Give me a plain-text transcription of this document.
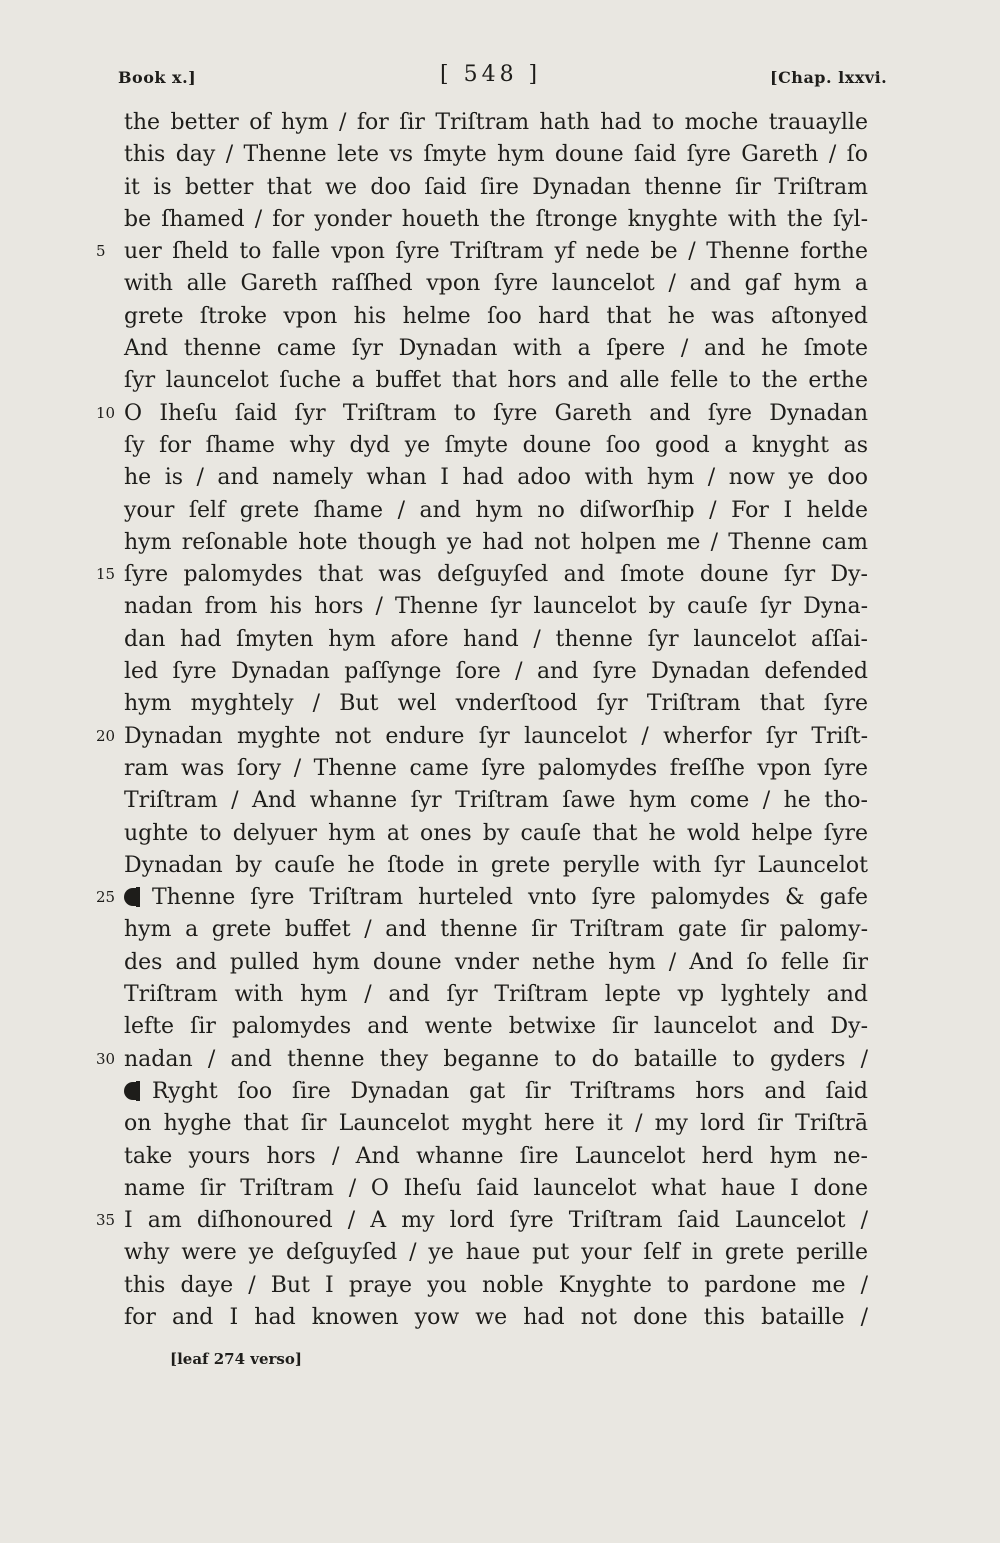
Book x.]	[ 548 ]	[Chap. lxxvi.
the better of hym / for ſir Triſtram hath had to moche trauaylle
this day / Thenne lete vs ſmyte hym doune ſaid ſyre Gareth / ſo
it is better that we doo ſaid ſire Dynadan thenne ſir Triſtram
be ſhamed / for yonder houeth the ſtronge knyghte with the ſyl-
5 uer ſheld to falle vpon ſyre Triſtram yf nede be / Thenne forthe
with alle Gareth raſſhed vpon ſyre launcelot / and gaf hym a
grete ſtroke vpon his helme ſoo hard that he was aſtonyed
And thenne came ſyr Dynadan with a ſpere / and he ſmote
ſyr launcelot ſuche a buffet that hors and alle felle to the erthe
10 O Iheſu ſaid ſyr Triſtram to ſyre Gareth and ſyre Dynadan
ſy for ſhame why dyd ye ſmyte doune ſoo good a knyght as
he is / and namely whan I had adoo with hym / now ye doo
your ſelf grete ſhame / and hym no diſworſhip / For I helde
hym reſonable hote though ye had not holpen me / Thenne cam
15 ſyre palomydes that was deſguyſed and ſmote doune ſyr Dy-
nadan from his hors / Thenne ſyr launcelot by cauſe ſyr Dyna-
dan had ſmyten hym afore hand / thenne ſyr launcelot aſſai-
led ſyre Dynadan paſſynge ſore / and ſyre Dynadan defended
hym myghtely / But wel vnderſtood ſyr Triſtram that ſyre
20 Dynadan myghte not endure ſyr launcelot / wherfor ſyr Triſt-
ram was ſory / Thenne came ſyre palomydes freſſhe vpon ſyre
Triſtram / And whanne ſyr Triſtram ſawe hym come / he tho-
ughte to delyuer hym at ones by cauſe that he wold helpe ſyre
Dynadan by cauſe he ſtode in grete perylle with ſyr Launcelot
25	Thenne ſyre Triſtram hurteled vnto ſyre palomydes & gafe
hym a grete buffet / and thenne ſir Triſtram gate ſir palomy-
des and pulled hym doune vnder nethe hym / And ſo felle ſir
Triſtram with hym / and ſyr Triſtram lepte vp lyghtely and
lefte ſir palomydes and wente betwixe ſir launcelot and Dy-
30 nadan / and thenne they beganne to do bataille to gyders /
Ryght ſoo ſire Dynadan gat ſir Triſtrams hors and ſaid
on hyghe that ſir Launcelot myght here it / my lord ſir Triſtrā
take yours hors / And whanne ſire Launcelot herd hym ne-
name ſir Triſtram / O Iheſu ſaid launcelot what haue I done
35 I am diſhonoured / A my lord ſyre Triſtram ſaid Launcelot /
why were ye deſguyſed / ye haue put your ſelf in grete perille
this daye / But I praye you noble Knyghte to pardone me /
for and I had knowen yow we had not done this bataille /
[leaf 274 verso]
